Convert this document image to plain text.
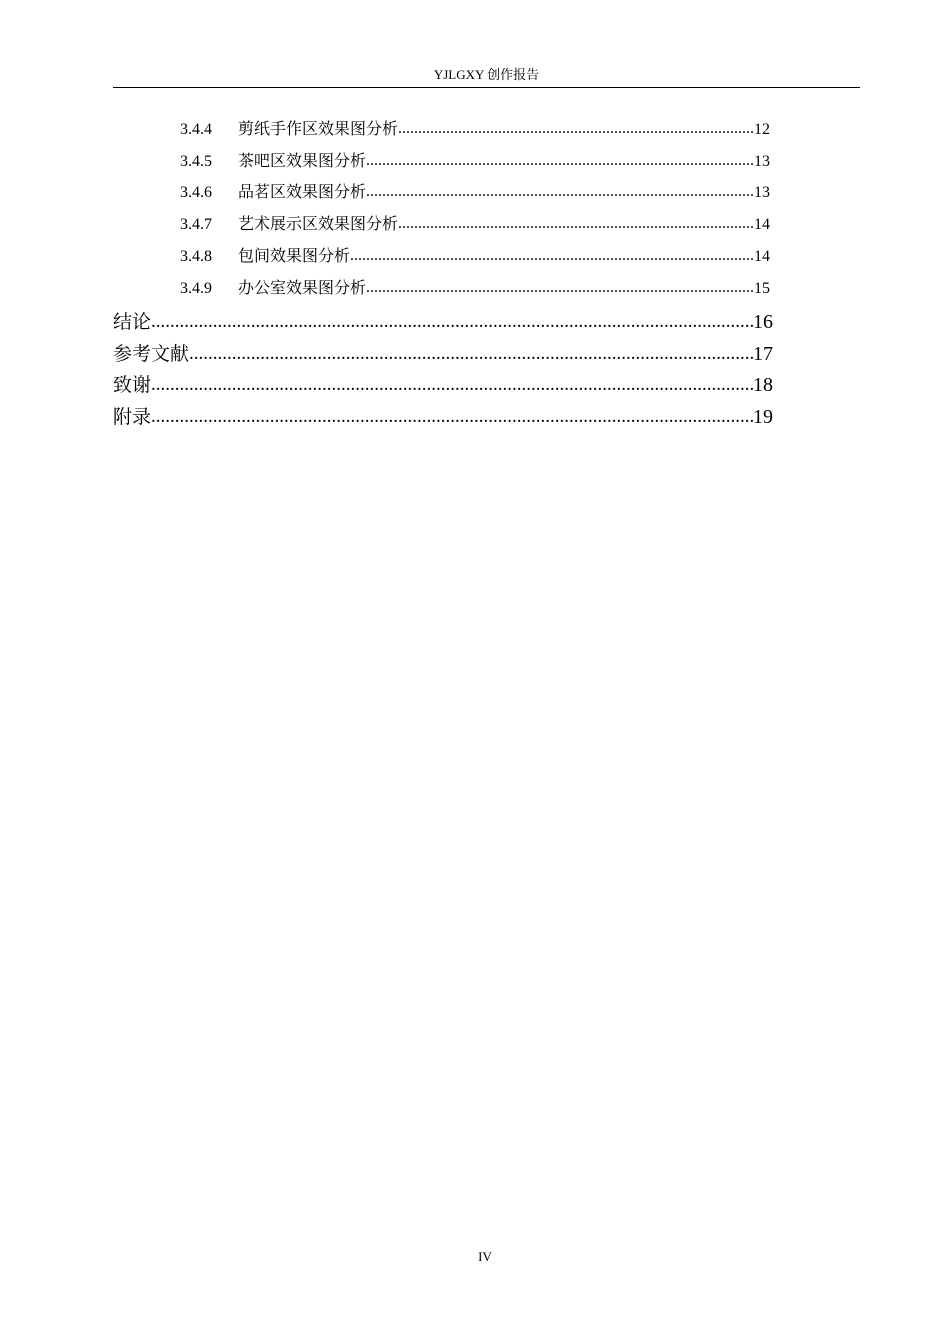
YJLGXY 创作报告
3.4.4	剪纸手作区效果图分析 .....	12
3.4.5	茶吧区效果图分析 .....	13
3.4.6	品茗区效果图分析 .....	13
3.4.7	艺术展示区效果图分析 .....	14
3.4.8	包间效果图分析 .....	14
3.4.9	办公室效果图分析 .....	15
结论 .....	16
参考文献 .....	17
致谢 .....	18
附录 .....	19
IV
